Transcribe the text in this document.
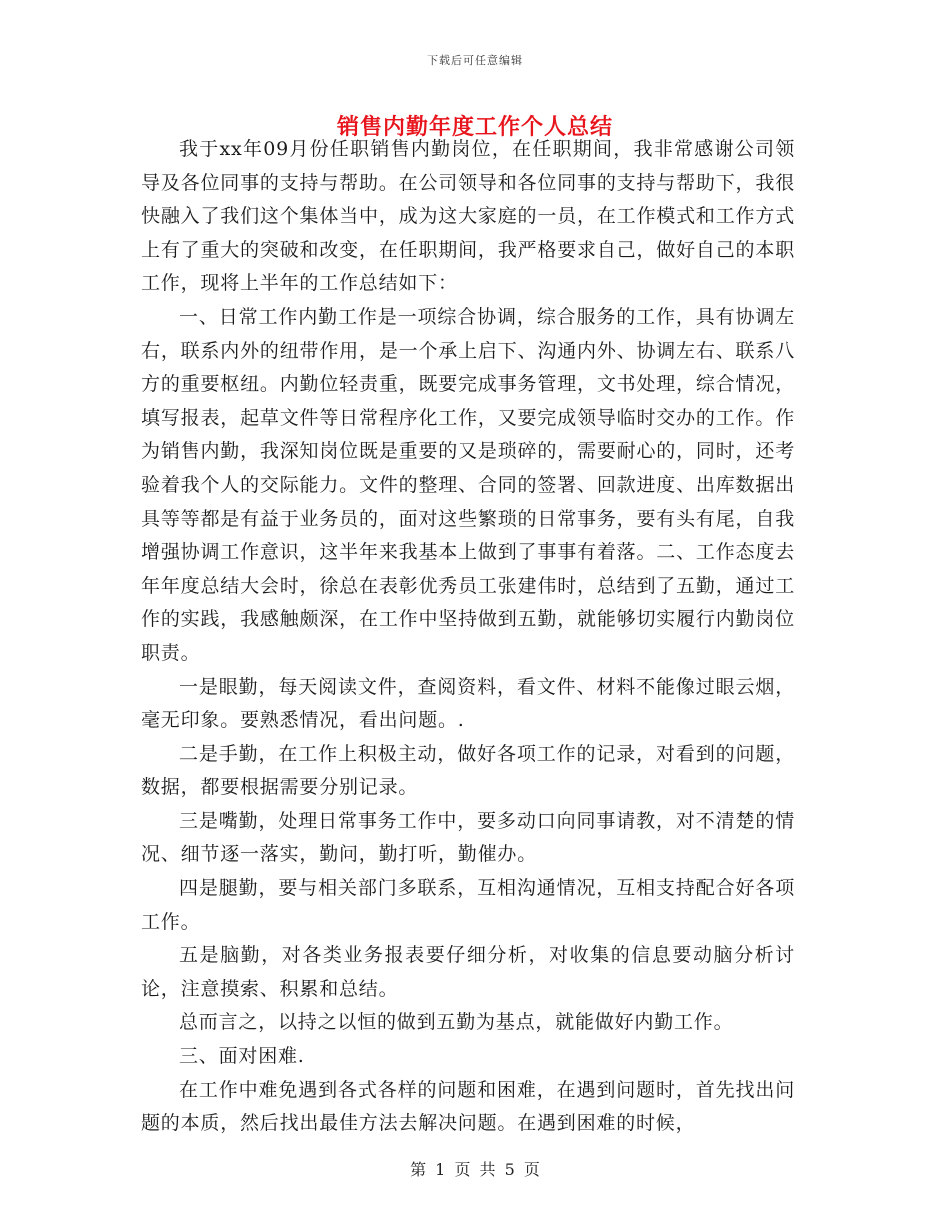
下载后可任意编辑
销售内勤年度工作个人总结

我于xx年09月份任职销售内勤岗位，在任职期间，我非常感谢公司领导及各位同事的支持与帮助。在公司领导和各位同事的支持与帮助下，我很快融入了我们这个集体当中，成为这大家庭的一员，在工作模式和工作方式上有了重大的突破和改变，在任职期间，我严格要求自己，做好自己的本职工作，现将上半年的工作总结如下：

一、日常工作内勤工作是一项综合协调，综合服务的工作，具有协调左右，联系内外的纽带作用，是一个承上启下、沟通内外、协调左右、联系八方的重要枢纽。内勤位轻责重，既要完成事务管理，文书处理，综合情况，填写报表，起草文件等日常程序化工作，又要完成领导临时交办的工作。作为销售内勤，我深知岗位既是重要的又是琐碎的，需要耐心的，同时，还考验着我个人的交际能力。文件的整理、合同的签署、回款进度、出库数据出具等等都是有益于业务员的，面对这些繁琐的日常事务，要有头有尾，自我增强协调工作意识，这半年来我基本上做到了事事有着落。二、工作态度去年年度总结大会时，徐总在表彰优秀员工张建伟时，总结到了五勤，通过工作的实践，我感触颇深，在工作中坚持做到五勤，就能够切实履行内勤岗位职责。

一是眼勤，每天阅读文件，查阅资料，看文件、材料不能像过眼云烟，毫无印象。要熟悉情况，看出问题。.

二是手勤，在工作上积极主动，做好各项工作的记录，对看到的问题，数据，都要根据需要分别记录。

三是嘴勤，处理日常事务工作中，要多动口向同事请教，对不清楚的情况、细节逐一落实，勤问，勤打听，勤催办。

四是腿勤，要与相关部门多联系，互相沟通情况，互相支持配合好各项工作。

五是脑勤，对各类业务报表要仔细分析，对收集的信息要动脑分析讨论，注意摸索、积累和总结。

总而言之，以持之以恒的做到五勤为基点，就能做好内勤工作。

三、面对困难.

在工作中难免遇到各式各样的问题和困难，在遇到问题时，首先找出问题的本质，然后找出最佳方法去解决问题。在遇到困难的时候，

第 1 页 共 5 页
